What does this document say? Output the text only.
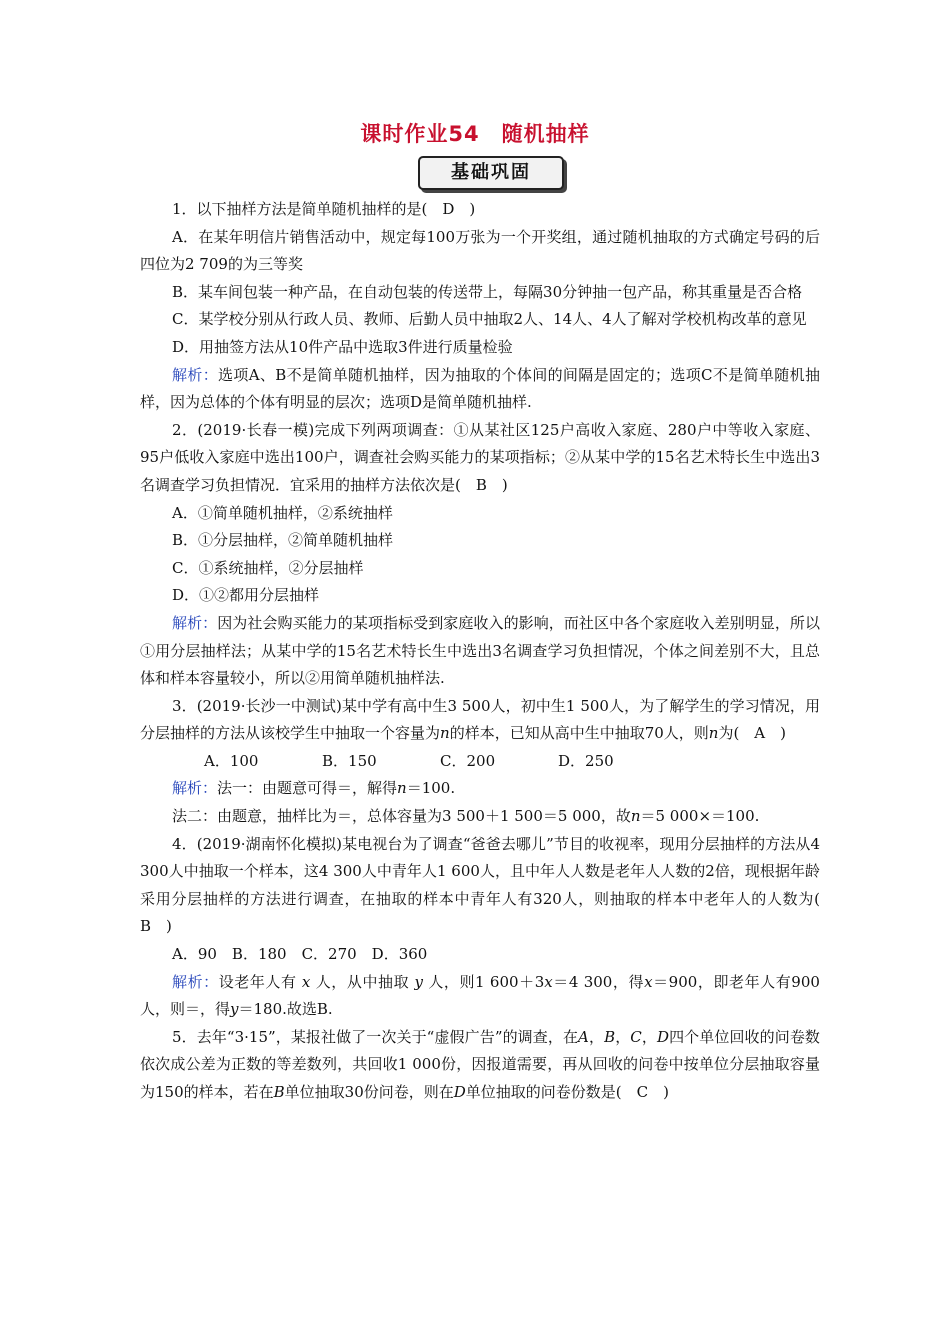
课时作业54 随机抽样
基础巩固

1．以下抽样方法是简单随机抽样的是(　D　)

A．在某年明信片销售活动中，规定每100万张为一个开奖组，通过随机抽取的方式确定号码的后四位为2 709的为三等奖

B．某车间包装一种产品，在自动包装的传送带上，每隔30分钟抽一包产品，称其重量是否合格

C．某学校分别从行政人员、教师、后勤人员中抽取2人、14人、4人了解对学校机构改革的意见

D．用抽签方法从10件产品中选取3件进行质量检验

解析：选项A、B不是简单随机抽样，因为抽取的个体间的间隔是固定的；选项C不是简单随机抽样，因为总体的个体有明显的层次；选项D是简单随机抽样.

2．(2019·长春一模)完成下列两项调查：①从某社区125户高收入家庭、280户中等收入家庭、95户低收入家庭中选出100户，调查社会购买能力的某项指标；②从某中学的15名艺术特长生中选出3名调查学习负担情况．宜采用的抽样方法依次是(　B　)

A．①简单随机抽样，②系统抽样

B．①分层抽样，②简单随机抽样

C．①系统抽样，②分层抽样

D．①②都用分层抽样

解析：因为社会购买能力的某项指标受到家庭收入的影响，而社区中各个家庭收入差别明显，所以①用分层抽样法；从某中学的15名艺术特长生中选出3名调查学习负担情况，个体之间差别不大，且总体和样本容量较小，所以②用简单随机抽样法.

3．(2019·长沙一中测试)某中学有高中生3 500人，初中生1 500人，为了解学生的学习情况，用分层抽样的方法从该校学生中抽取一个容量为n的样本，已知从高中生中抽取70人，则n为(　A　)

A．100	B．150	C．200	D．250

解析：法一：由题意可得＝，解得n＝100.

法二：由题意，抽样比为＝，总体容量为3 500＋1 500＝5 000，故n＝5 000×＝100.

4．(2019·湖南怀化模拟)某电视台为了调查“爸爸去哪儿”节目的收视率，现用分层抽样的方法从4 300人中抽取一个样本，这4 300人中青年人1 600人，且中年人人数是老年人人数的2倍，现根据年龄采用分层抽样的方法进行调查，在抽取的样本中青年人有320人，则抽取的样本中老年人的人数为(　B　)

A．90　B．180　C．270　D．360

解析：设老年人有 x 人，从中抽取 y 人，则1 600＋3x＝4 300，得x＝900，即老年人有900人，则＝，得y＝180.故选B.

5．去年“3·15”，某报社做了一次关于“虚假广告”的调查，在A，B，C，D四个单位回收的问卷数依次成公差为正数的等差数列，共回收1 000份，因报道需要，再从回收的问卷中按单位分层抽取容量为150的样本，若在B单位抽取30份问卷，则在D单位抽取的问卷份数是(　C　)
